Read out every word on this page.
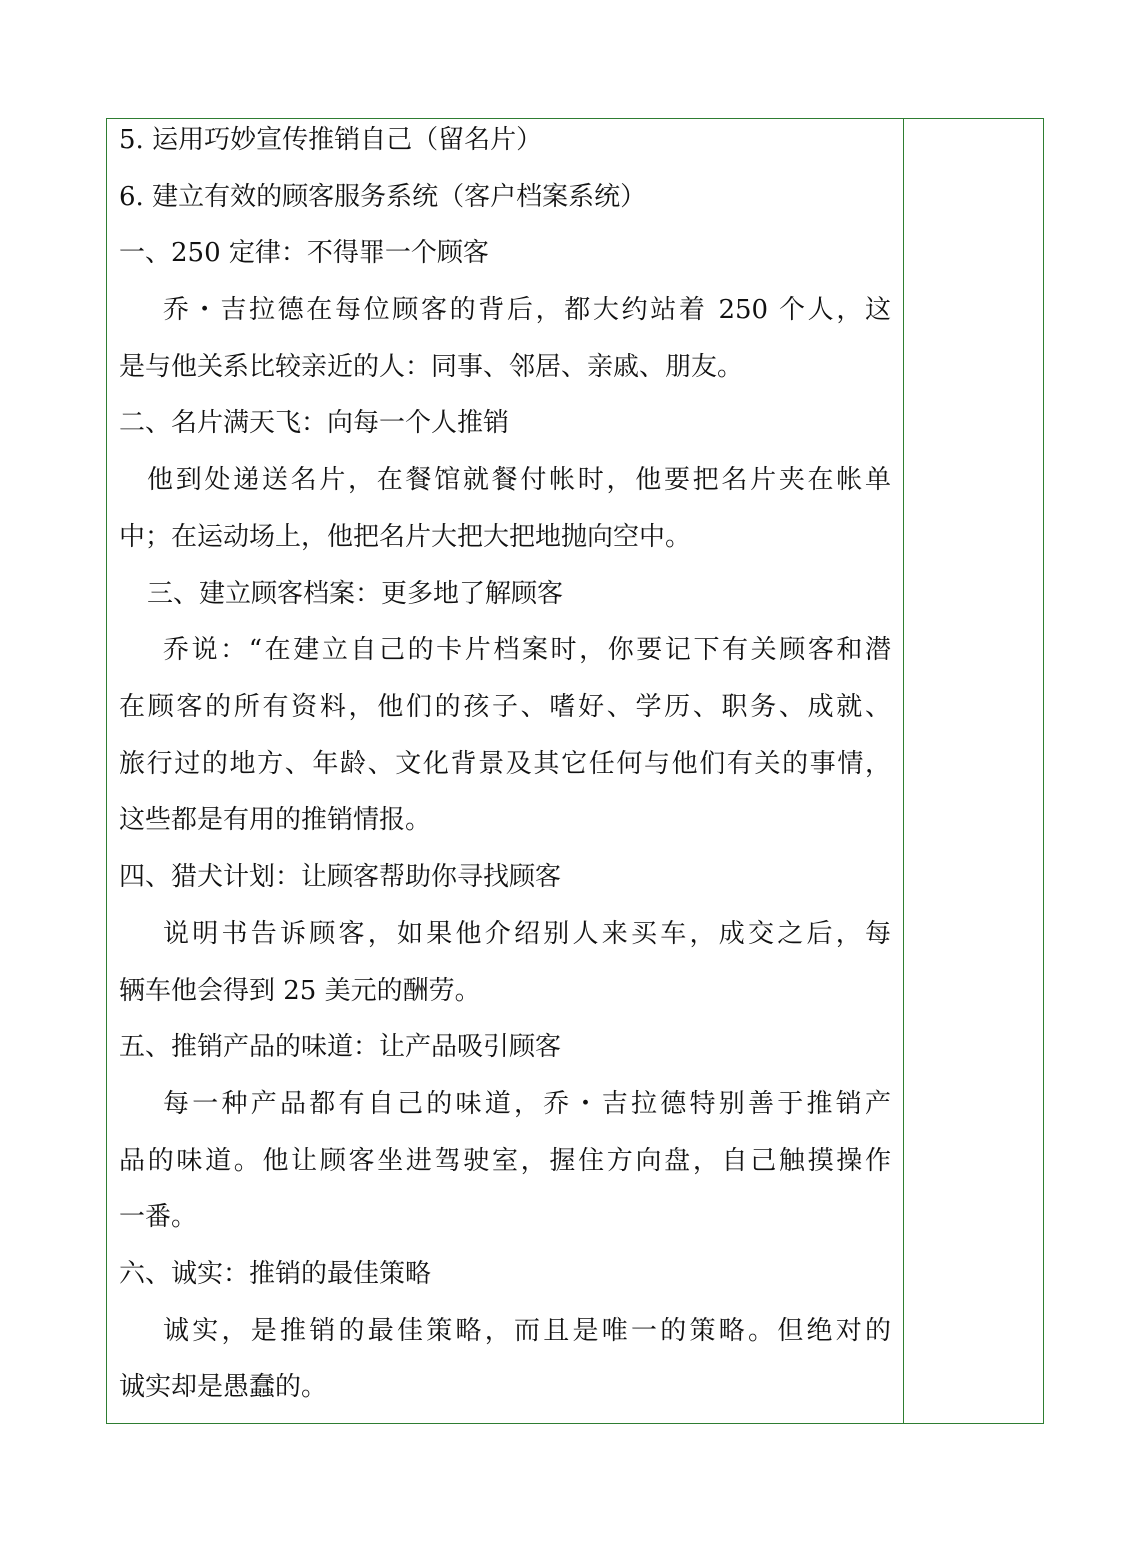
5. 运用巧妙宣传推销自己（留名片）
6. 建立有效的顾客服务系统（客户档案系统）
一、250 定律：不得罪一个顾客
乔・吉拉德在每位顾客的背后，都大约站着 250 个人，这
是与他关系比较亲近的人：同事、邻居、亲戚、朋友。
二、名片满天飞：向每一个人推销
他到处递送名片，在餐馆就餐付帐时，他要把名片夹在帐单
中；在运动场上，他把名片大把大把地抛向空中。
三、建立顾客档案：更多地了解顾客
乔说：“在建立自己的卡片档案时，你要记下有关顾客和潜
在顾客的所有资料，他们的孩子、嗜好、学历、职务、成就、
旅行过的地方、年龄、文化背景及其它任何与他们有关的事情，
这些都是有用的推销情报。
四、猎犬计划：让顾客帮助你寻找顾客
说明书告诉顾客，如果他介绍别人来买车，成交之后，每
辆车他会得到 25 美元的酬劳。
五、推销产品的味道：让产品吸引顾客
每一种产品都有自己的味道，乔・吉拉德特别善于推销产
品的味道。他让顾客坐进驾驶室，握住方向盘，自己触摸操作
一番。
六、诚实：推销的最佳策略
诚实，是推销的最佳策略，而且是唯一的策略。但绝对的
诚实却是愚蠢的。
